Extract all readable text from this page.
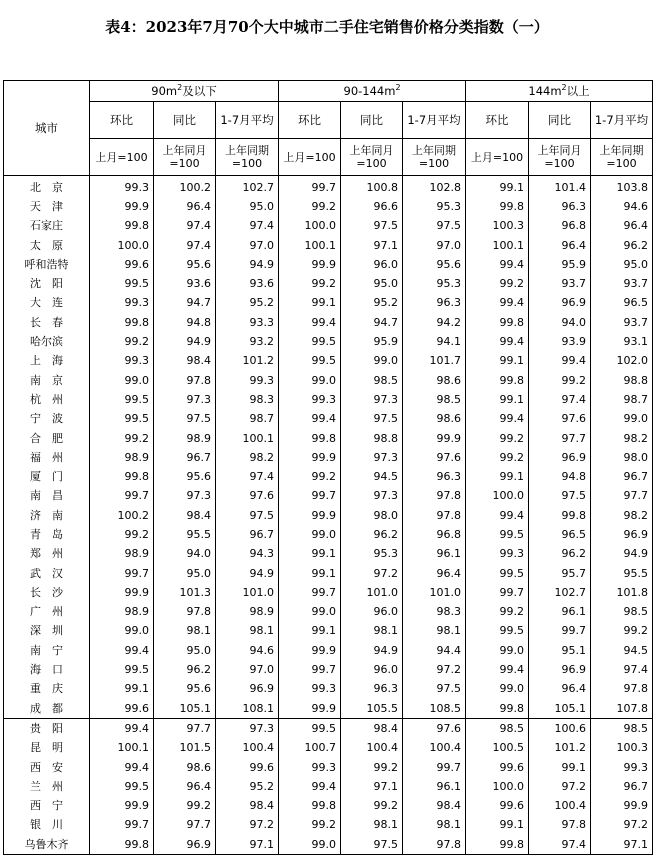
表4：2023年7月70个大中城市二手住宅销售价格分类指数（一）
城市	$90m^2$及以下			$90-144m^2$			$144m^2$以上		
	环比	同比	1-7月平均	环比	同比	1-7月平均	环比	同比	1-7月平均
	上月=100	上年同月=100	上年同期=100	上月=100	上年同月=100	上年同期=100	上月=100	上年同月=100	上年同期=100
北　京	99.3	100.2	102.7	99.7	100.8	102.8	99.1	101.4	103.8
天　津	99.9	96.4	95.0	99.2	96.6	95.3	99.8	96.3	94.6
石家庄	99.8	97.4	97.4	100.0	97.5	97.5	100.3	96.8	96.4
太　原	100.0	97.4	97.0	100.1	97.1	97.0	100.1	96.4	96.2
呼和浩特	99.6	95.6	94.9	99.9	96.0	95.6	99.4	95.9	95.0
沈　阳	99.5	93.6	93.6	99.2	95.0	95.3	99.2	93.7	93.7
大　连	99.3	94.7	95.2	99.1	95.2	96.3	99.4	96.9	96.5
长　春	99.8	94.8	93.3	99.4	94.7	94.2	99.8	94.0	93.7
哈尔滨	99.2	94.9	93.2	99.5	95.9	94.1	99.4	93.9	93.1
上　海	99.3	98.4	101.2	99.5	99.0	101.7	99.1	99.4	102.0
南　京	99.0	97.8	99.3	99.0	98.5	98.6	99.8	99.2	98.8
杭　州	99.5	97.3	98.3	99.3	97.3	98.5	99.1	97.4	98.7
宁　波	99.5	97.5	98.7	99.4	97.5	98.6	99.4	97.6	99.0
合　肥	99.2	98.9	100.1	99.8	98.8	99.9	99.2	97.7	98.2
福　州	98.9	96.7	98.2	99.9	97.3	97.6	99.2	96.9	98.0
厦　门	99.8	95.6	97.4	99.2	94.5	96.3	99.1	94.8	96.7
南　昌	99.7	97.3	97.6	99.7	97.3	97.8	100.0	97.5	97.7
济　南	100.2	98.4	97.5	99.9	98.0	97.8	99.4	99.8	98.2
青　岛	99.2	95.5	96.7	99.0	96.2	96.8	99.5	96.5	96.9
郑　州	98.9	94.0	94.3	99.1	95.3	96.1	99.3	96.2	94.9
武　汉	99.7	95.0	94.9	99.1	97.2	96.4	99.5	95.7	95.5
长　沙	99.9	101.3	101.0	99.7	101.0	101.0	99.7	102.7	101.8
广　州	98.9	97.8	98.9	99.0	96.0	98.3	99.2	96.1	98.5
深　圳	99.0	98.1	98.1	99.1	98.1	98.1	99.5	99.7	99.2
南　宁	99.4	95.0	94.6	99.9	94.9	94.4	99.0	95.1	94.5
海　口	99.5	96.2	97.0	99.7	96.0	97.2	99.4	96.9	97.4
重　庆	99.1	95.6	96.9	99.3	96.3	97.5	99.0	96.4	97.8
成　都	99.6	105.1	108.1	99.9	105.5	108.5	99.8	105.1	107.8
贵　阳	99.4	97.7	97.3	99.5	98.4	97.6	98.5	100.6	98.5
昆　明	100.1	101.5	100.4	100.7	100.4	100.4	100.5	101.2	100.3
西　安	99.4	98.6	99.6	99.3	99.2	99.7	99.6	99.1	99.3
兰　州	99.5	96.4	95.2	99.4	97.1	96.1	100.0	97.2	96.7
西　宁	99.9	99.2	98.4	99.8	99.2	98.4	99.6	100.4	99.9
银　川	99.7	97.7	97.2	99.2	98.1	98.1	99.1	97.8	97.2
乌鲁木齐	99.8	96.9	97.1	99.0	97.5	97.8	99.8	97.4	97.1
